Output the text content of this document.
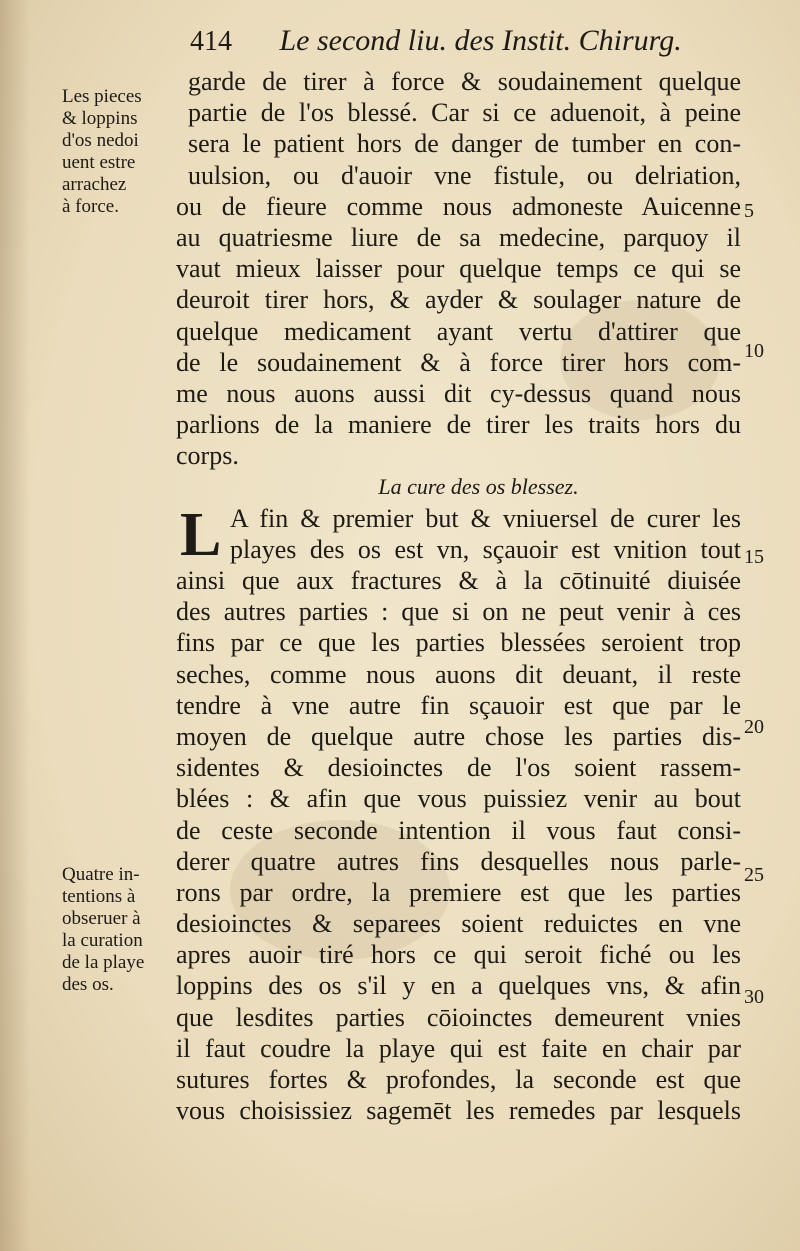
414 Le second liu. des Instit. Chirurg.
Les pieces
& loppins
d'os nedoi
uent estre
arrachez
à force.
Quatre in-
tentions à
obseruer à
la curation
de la playe
des os.
5
10
15
20
25
30
garde de tirer à force & soudainement quelque
partie de l'os blessé. Car si ce aduenoit, à peine
sera le patient hors de danger de tumber en con-
uulsion, ou d'auoir vne fistule, ou delriation,
ou de fieure comme nous admoneste Auicenne
au quatriesme liure de sa medecine, parquoy il
vaut mieux laisser pour quelque temps ce qui se
deuroit tirer hors, & ayder & soulager nature de
quelque medicament ayant vertu d'attirer que
de le soudainement & à force tirer hors com-
me nous auons aussi dit cy-dessus quand nous
parlions de la maniere de tirer les traits hors du
corps.
La cure des os blessez.
L A fin & premier but & vniuersel de curer les
playes des os est vn, sçauoir est vnition tout
ainsi que aux fractures & à la cōtinuité diuisée
des autres parties : que si on ne peut venir à ces
fins par ce que les parties blessées seroient trop
seches, comme nous auons dit deuant, il reste
tendre à vne autre fin sçauoir est que par le
moyen de quelque autre chose les parties dis-
sidentes & desioinctes de l'os soient rassem-
blées : & afin que vous puissiez venir au bout
de ceste seconde intention il vous faut consi-
derer quatre autres fins desquelles nous parle-
rons par ordre, la premiere est que les parties
desioinctes & separees soient reduictes en vne
apres auoir tiré hors ce qui seroit fiché ou les
loppins des os s'il y en a quelques vns, & afin
que lesdites parties cōioinctes demeurent vnies
il faut coudre la playe qui est faite en chair par
sutures fortes & profondes, la seconde est que
vous choisissiez sagemēt les remedes par lesquels
